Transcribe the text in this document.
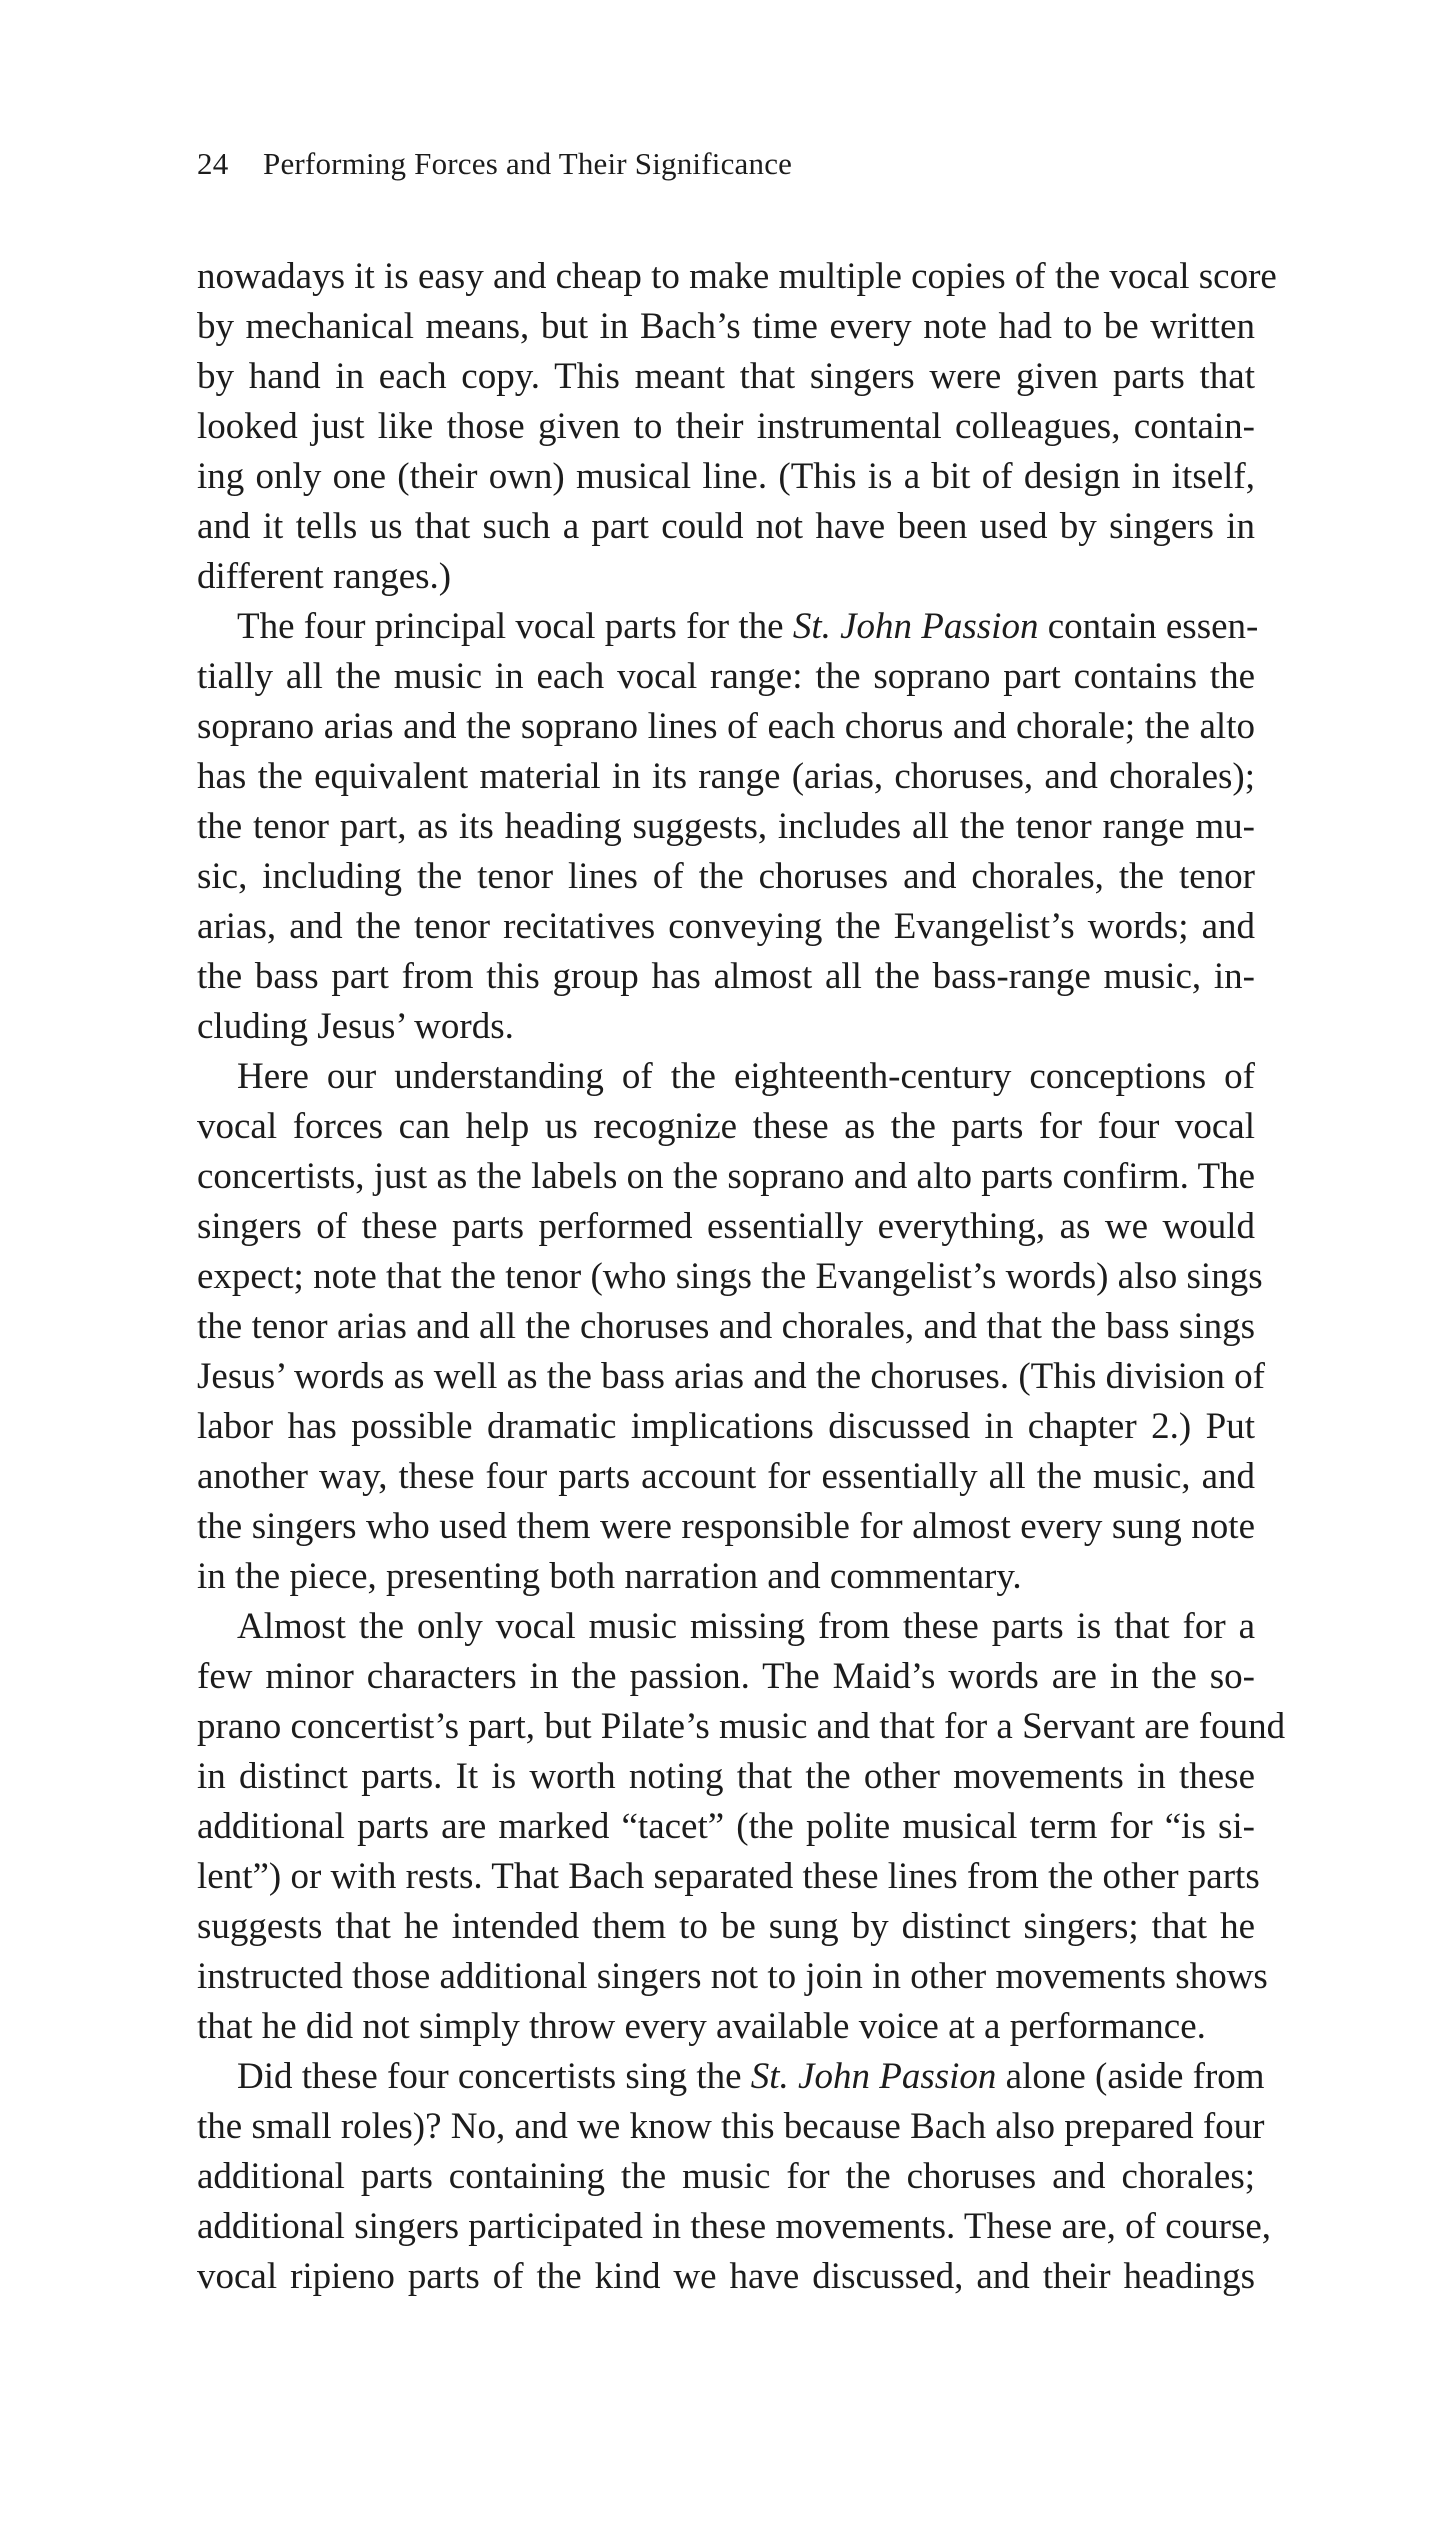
24 Performing Forces and Their Significance
nowadays it is easy and cheap to make multiple copies of the vocal score
by mechanical means, but in Bach’s time every note had to be written
by hand in each copy. This meant that singers were given parts that
looked just like those given to their instrumental colleagues, contain-
ing only one (their own) musical line. (This is a bit of design in itself,
and it tells us that such a part could not have been used by singers in
different ranges.)
The four principal vocal parts for the St. John Passion contain essen-
tially all the music in each vocal range: the soprano part contains the
soprano arias and the soprano lines of each chorus and chorale; the alto
has the equivalent material in its range (arias, choruses, and chorales);
the tenor part, as its heading suggests, includes all the tenor range mu-
sic, including the tenor lines of the choruses and chorales, the tenor
arias, and the tenor recitatives conveying the Evangelist’s words; and
the bass part from this group has almost all the bass-range music, in-
cluding Jesus’ words.
Here our understanding of the eighteenth-century conceptions of
vocal forces can help us recognize these as the parts for four vocal
concertists, just as the labels on the soprano and alto parts confirm. The
singers of these parts performed essentially everything, as we would
expect; note that the tenor (who sings the Evangelist’s words) also sings
the tenor arias and all the choruses and chorales, and that the bass sings
Jesus’ words as well as the bass arias and the choruses. (This division of
labor has possible dramatic implications discussed in chapter 2.) Put
another way, these four parts account for essentially all the music, and
the singers who used them were responsible for almost every sung note
in the piece, presenting both narration and commentary.
Almost the only vocal music missing from these parts is that for a
few minor characters in the passion. The Maid’s words are in the so-
prano concertist’s part, but Pilate’s music and that for a Servant are found
in distinct parts. It is worth noting that the other movements in these
additional parts are marked “tacet” (the polite musical term for “is si-
lent”) or with rests. That Bach separated these lines from the other parts
suggests that he intended them to be sung by distinct singers; that he
instructed those additional singers not to join in other movements shows
that he did not simply throw every available voice at a performance.
Did these four concertists sing the St. John Passion alone (aside from
the small roles)? No, and we know this because Bach also prepared four
additional parts containing the music for the choruses and chorales;
additional singers participated in these movements. These are, of course,
vocal ripieno parts of the kind we have discussed, and their headings
